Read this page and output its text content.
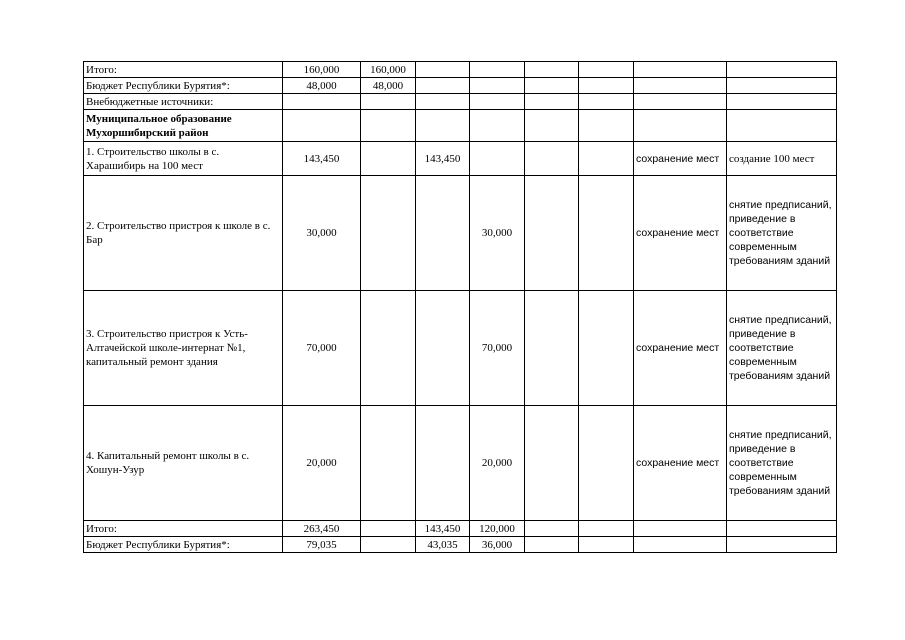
Итого:	160,000	160,000						
Бюджет Республики Бурятия*:	48,000	48,000						
Внебюджетные источники:								
Муниципальное образование Мухоршибирский район								
1. Строительство школы в с. Харашибирь на 100 мест	143,450		143,450				сохранение мест	создание 100 мест
2. Строительство пристроя к школе в с. Бар	30,000			30,000			сохранение мест	снятие предписаний, приведение в соответствие современным требованиям зданий
3. Строительство пристроя к Усть-Алтачейской школе-интернат №1, капитальный ремонт здания	70,000			70,000			сохранение мест	снятие предписаний, приведение в соответствие современным требованиям зданий
4. Капитальный ремонт школы в с. Хошун-Узур	20,000			20,000			сохранение мест	снятие предписаний, приведение в соответствие современным требованиям зданий
Итого:	263,450		143,450	120,000				
Бюджет Республики Бурятия*:	79,035		43,035	36,000				
